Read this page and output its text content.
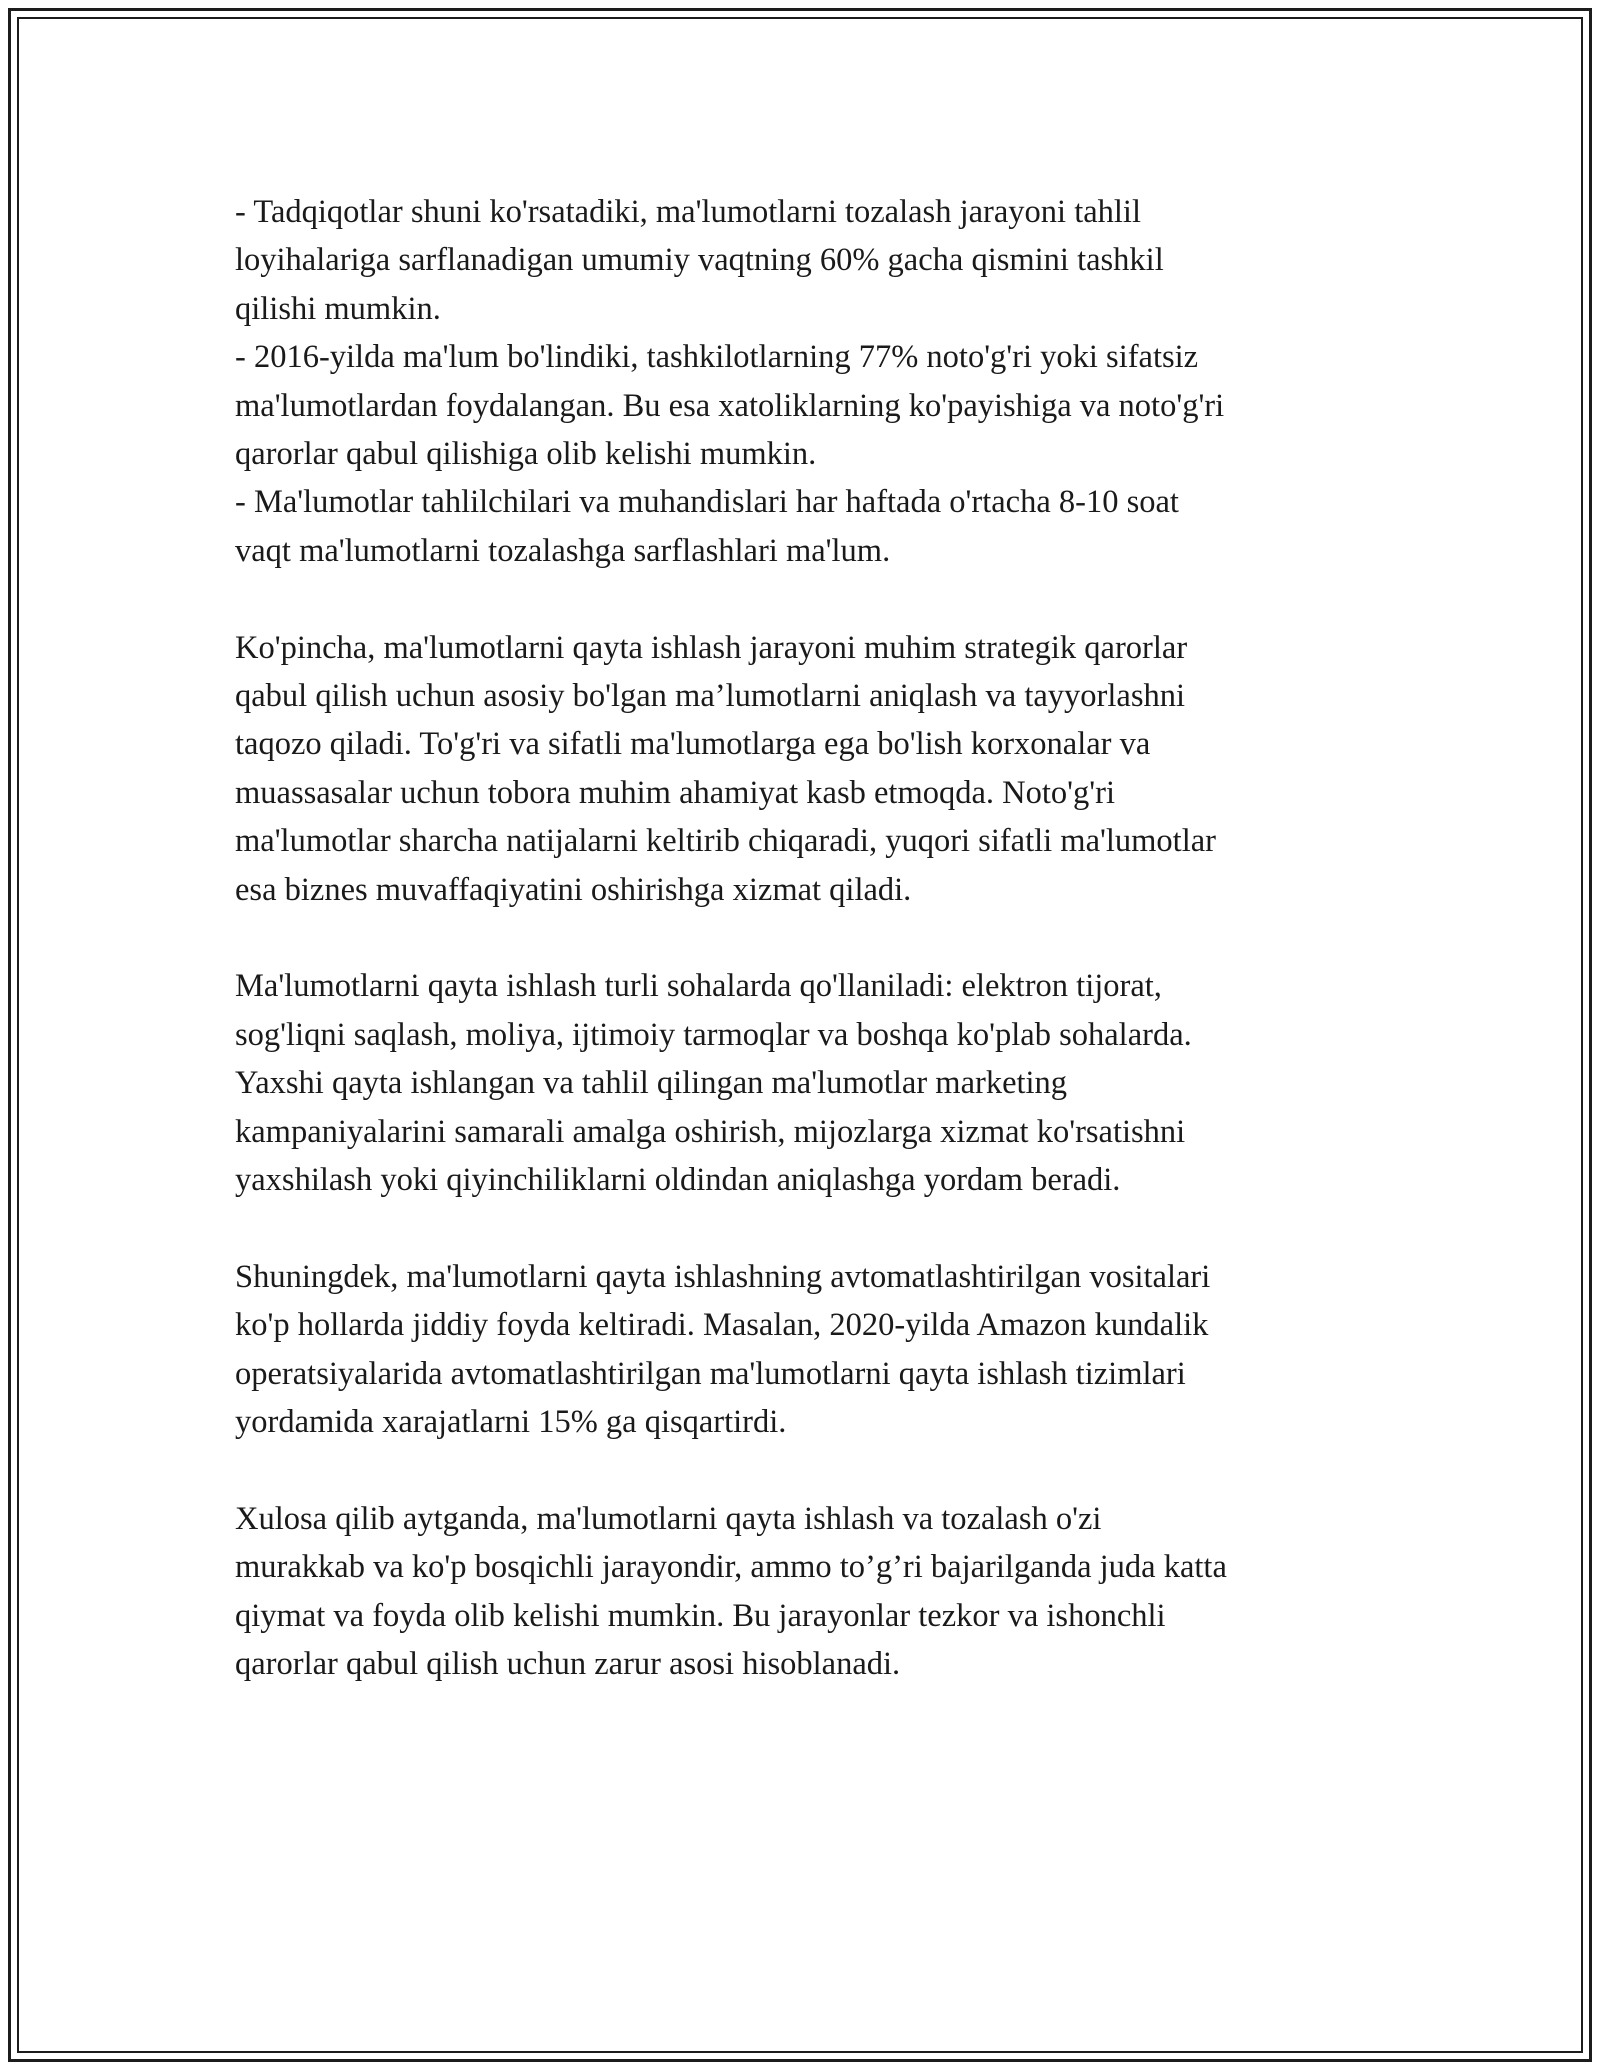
- Tadqiqotlar shuni ko'rsatadiki, ma'lumotlarni tozalash jarayoni tahlil
loyihalariga sarflanadigan umumiy vaqtning 60% gacha qismini tashkil
qilishi mumkin.
- 2016-yilda ma'lum bo'lindiki, tashkilotlarning 77% noto'g'ri yoki sifatsiz
ma'lumotlardan foydalangan. Bu esa xatoliklarning ko'payishiga va noto'g'ri
qarorlar qabul qilishiga olib kelishi mumkin.
- Ma'lumotlar tahlilchilari va muhandislari har haftada o'rtacha 8-10 soat
vaqt ma'lumotlarni tozalashga sarflashlari ma'lum.

Ko'pincha, ma'lumotlarni qayta ishlash jarayoni muhim strategik qarorlar
qabul qilish uchun asosiy bo'lgan ma’lumotlarni aniqlash va tayyorlashni
taqozo qiladi. To'g'ri va sifatli ma'lumotlarga ega bo'lish korxonalar va
muassasalar uchun tobora muhim ahamiyat kasb etmoqda. Noto'g'ri
ma'lumotlar sharcha natijalarni keltirib chiqaradi, yuqori sifatli ma'lumotlar
esa biznes muvaffaqiyatini oshirishga xizmat qiladi.

Ma'lumotlarni qayta ishlash turli sohalarda qo'llaniladi: elektron tijorat,
sog'liqni saqlash, moliya, ijtimoiy tarmoqlar va boshqa ko'plab sohalarda.
Yaxshi qayta ishlangan va tahlil qilingan ma'lumotlar marketing
kampaniyalarini samarali amalga oshirish, mijozlarga xizmat ko'rsatishni
yaxshilash yoki qiyinchiliklarni oldindan aniqlashga yordam beradi.

Shuningdek, ma'lumotlarni qayta ishlashning avtomatlashtirilgan vositalari
ko'p hollarda jiddiy foyda keltiradi. Masalan, 2020-yilda Amazon kundalik
operatsiyalarida avtomatlashtirilgan ma'lumotlarni qayta ishlash tizimlari
yordamida xarajatlarni 15% ga qisqartirdi.

Xulosa qilib aytganda, ma'lumotlarni qayta ishlash va tozalash o'zi
murakkab va ko'p bosqichli jarayondir, ammo to’g’ri bajarilganda juda katta
qiymat va foyda olib kelishi mumkin. Bu jarayonlar tezkor va ishonchli
qarorlar qabul qilish uchun zarur asosi hisoblanadi.
